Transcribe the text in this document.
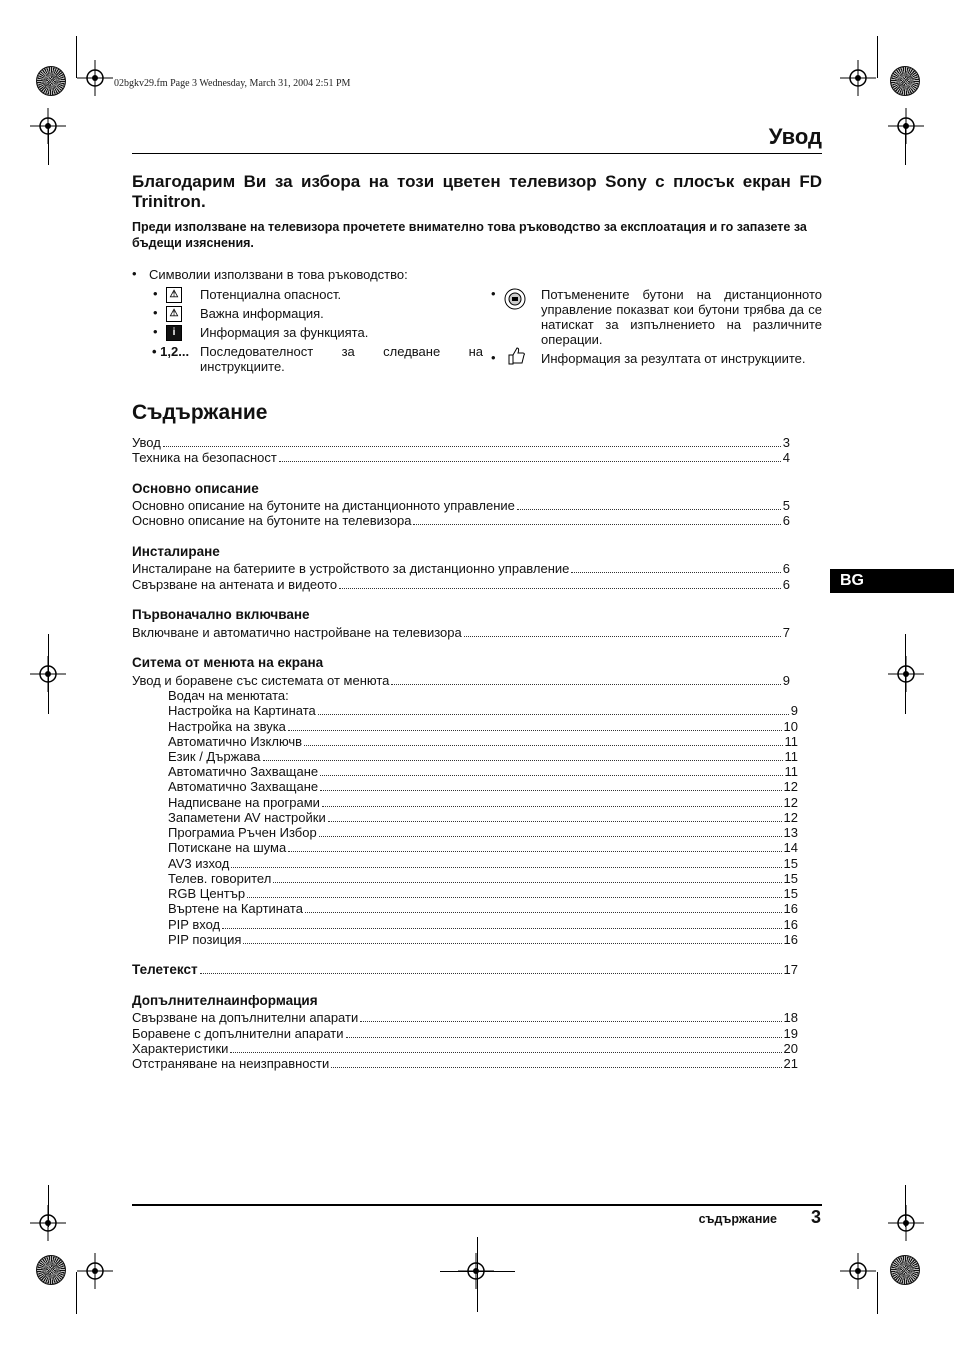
02bgkv29.fm Page 3 Wednesday, March 31, 2004 2:51 PM
Увод
Благодарим Ви за избора на този цветен телевизор Sony с плосък екран FD Trinitron.
Преди използване на телевизора прочетете внимателно това ръководство за експлоатация и го запазете за бъдещи изяснения.
• Символии използвани в това ръководство:
•	⚠ Потенциална опасност.
•	⚠ Важна информация.
•	i	Информация за функцията.
• 1,2... Последователност за следване на инструкциите.
•	Потъменените бутони на дистанционното управление показват кои бутони трябва да се натискат за изпълнението на различните операции.
•	Информация за резултата от инструкциите.
Съдържание
Увод	3
Техника на безопасност	4
Основно описание
Основно описание на бутоните на дистанционното управление	5
Основно описание на бутоните на телевизора	6
Инсталиране
Инсталиране на батериите в устройството за дистанционно управление	6
Свързване на антената и видеото	6
Първоначално включване
Включване и автоматично настройване на телевизора	7
Ситема от менюта на екрана
Увод и боравене със системата от менюта	9
Водач на менютата:
Настройка на Картината	9
Настройка на звука	10
Автоматично Изключв	11
Език / Държава	11
Автоматично Захващане	11
Автоматично Захващане	12
Надписване на програми	12
Запаметени AV настройки	12
Програмиа Ръчен Избор	13
Потискане на шума	14
AV3 изход	15
Телев. говорител	15
RGB Център	15
Въртене на Картината	16
PIP вход	16
PIP позиция	16
Телетекст	17
Допълнителнаинформация
Свързване на допълнителни апарати	18
Боравене с допълнителни апарати	19
Характеристики	20
Отстраняване на неизправности	21
BG
съдържание 3
